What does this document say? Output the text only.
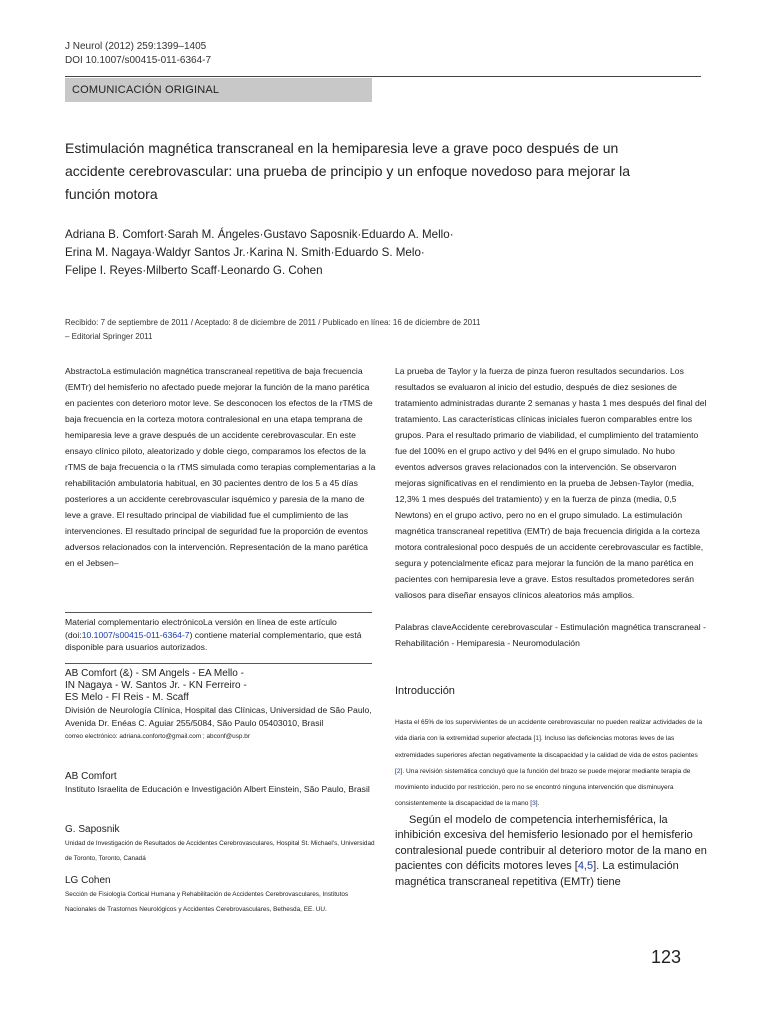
J Neurol (2012) 259:1399–1405
DOI 10.1007/s00415-011-6364-7
COMUNICACIÓN ORIGINAL
Estimulación magnética transcraneal en la hemiparesia leve a grave poco después de un accidente cerebrovascular: una prueba de principio y un enfoque novedoso para mejorar la función motora
Adriana B. Comfort·Sarah M. Ángeles·Gustavo Saposnik·Eduardo A. Mello·
Erina M. Nagaya·Waldyr Santos Jr.·Karina N. Smith·Eduardo S. Melo·
Felipe I. Reyes·Milberto Scaff·Leonardo G. Cohen
Recibido: 7 de septiembre de 2011 / Aceptado: 8 de diciembre de 2011 / Publicado en línea: 16 de diciembre de 2011
– Editorial Springer 2011

AbstractoLa estimulación magnética transcraneal repetitiva de baja frecuencia (EMTr) del hemisferio no afectado puede mejorar la función de la mano parética en pacientes con deterioro motor leve. Se desconocen los efectos de la rTMS de baja frecuencia en la corteza motora contralesional en una etapa temprana de hemiparesia leve a grave después de un accidente cerebrovascular. En este ensayo clínico piloto, aleatorizado y doble ciego, comparamos los efectos de la rTMS de baja frecuencia o la rTMS simulada como terapias complementarias a la rehabilitación ambulatoria habitual, en 30 pacientes dentro de los 5 a 45 días posteriores a un accidente cerebrovascular isquémico y paresia de la mano de leve a grave. El resultado principal de viabilidad fue el cumplimiento de las intervenciones. El resultado principal de seguridad fue la proporción de eventos adversos relacionados con la intervención. Representación de la mano parética en el Jebsen–

Material complementario electrónicoLa versión en línea de este artículo (doi:10.1007/s00415-011-6364-7) contiene material complementario, que está disponible para usuarios autorizados.
AB Comfort (&) - SM Angels - EA Mello -
IN Nagaya - W. Santos Jr. - KN Ferreiro -
ES Melo - FI Reis - M. Scaff
División de Neurología Clínica, Hospital das Clínicas, Universidad de São Paulo, Avenida Dr. Enéas C. Aguiar 255/5084, São Paulo 05403010, Brasil
correo electrónico: adriana.conforto@gmail.com ; abconf@usp.br
AB Comfort
Instituto Israelita de Educación e Investigación Albert Einstein, São Paulo, Brasil
G. Saposnik
Unidad de Investigación de Resultados de Accidentes Cerebrovasculares, Hospital St. Michael's, Universidad de Toronto, Toronto, Canadá
LG Cohen
Sección de Fisiología Cortical Humana y Rehabilitación de Accidentes Cerebrovasculares, Institutos Nacionales de Trastornos Neurológicos y Accidentes Cerebrovasculares, Bethesda, EE. UU.

La prueba de Taylor y la fuerza de pinza fueron resultados secundarios. Los resultados se evaluaron al inicio del estudio, después de diez sesiones de tratamiento administradas durante 2 semanas y hasta 1 mes después del final del tratamiento. Las características clínicas iniciales fueron comparables entre los grupos. Para el resultado primario de viabilidad, el cumplimiento del tratamiento fue del 100% en el grupo activo y del 94% en el grupo simulado. No hubo eventos adversos graves relacionados con la intervención. Se observaron mejoras significativas en el rendimiento en la prueba de Jebsen-Taylor (media, 12,3% 1 mes después del tratamiento) y en la fuerza de pinza (media, 0,5 Newtons) en el grupo activo, pero no en el grupo simulado. La estimulación magnética transcraneal repetitiva (EMTr) de baja frecuencia dirigida a la corteza motora contralesional poco después de un accidente cerebrovascular es factible, segura y potencialmente eficaz para mejorar la función de la mano parética en pacientes con hemiparesia leve a grave. Estos resultados prometedores serán valiosos para diseñar ensayos clínicos aleatorios más amplios.

Palabras claveAccidente cerebrovascular - Estimulación magnética transcraneal - Rehabilitación - Hemiparesia - Neuromodulación

Introducción

Hasta el 65% de los supervivientes de un accidente cerebrovascular no pueden realizar actividades de la vida diaria con la extremidad superior afectada [1]. Incluso las deficiencias motoras leves de las extremidades superiores afectan negativamente la discapacidad y la calidad de vida de estos pacientes [2]. Una revisión sistemática concluyó que la función del brazo se puede mejorar mediante terapia de movimiento inducido por restricción, pero no se encontró ninguna intervención que disminuyera consistentemente la discapacidad de la mano [3].

Según el modelo de competencia interhemisférica, la inhibición excesiva del hemisferio lesionado por el hemisferio contralesional puede contribuir al deterioro motor de la mano en pacientes con déficits motores leves [4,5]. La estimulación magnética transcraneal repetitiva (EMTr) tiene

123
